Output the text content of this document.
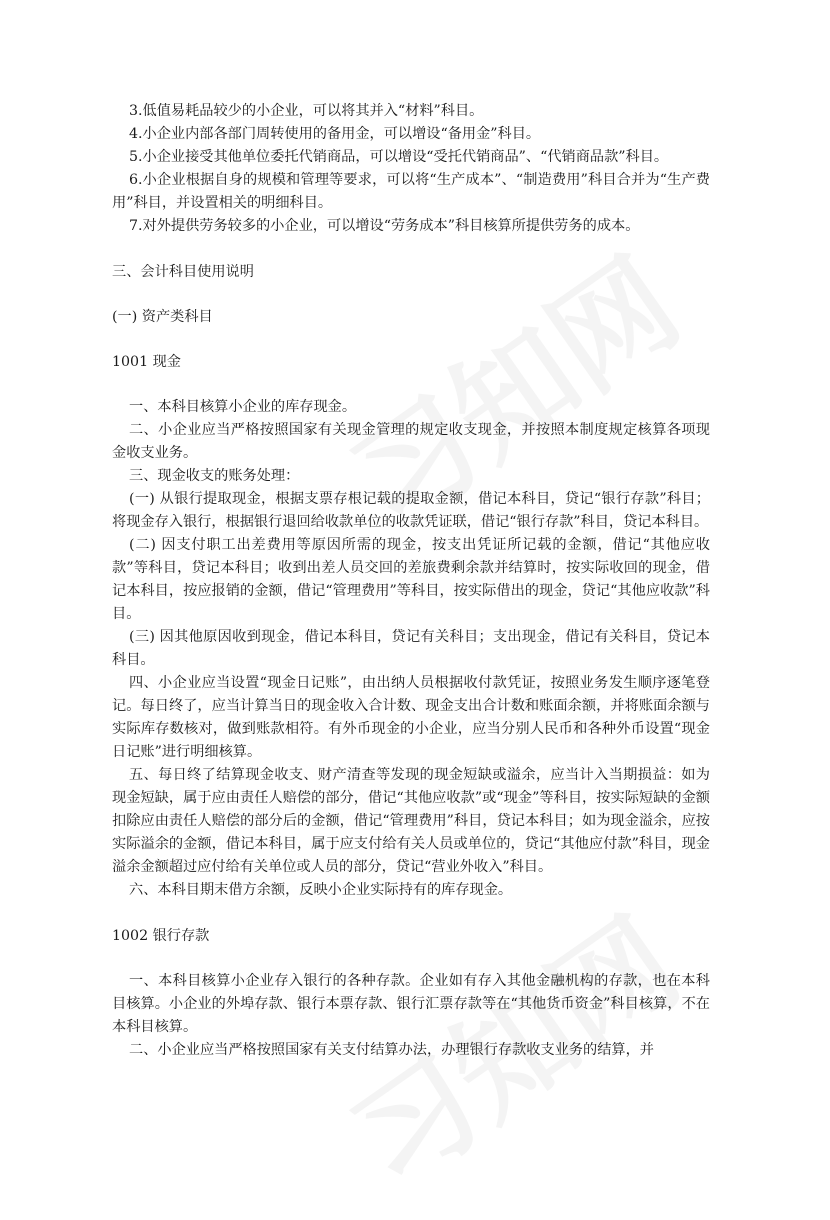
3.低值易耗品较少的小企业，可以将其并入“材料”科目。

4.小企业内部各部门周转使用的备用金，可以增设“备用金”科目。

5.小企业接受其他单位委托代销商品，可以增设“受托代销商品”、“代销商品款”科目。

6.小企业根据自身的规模和管理等要求，可以将“生产成本”、“制造费用”科目合并为“生产费用”科目，并设置相关的明细科目。

7.对外提供劳务较多的小企业，可以增设“劳务成本”科目核算所提供劳务的成本。

三、会计科目使用说明

(一) 资产类科目

1001 现金

一、本科目核算小企业的库存现金。

二、小企业应当严格按照国家有关现金管理的规定收支现金，并按照本制度规定核算各项现金收支业务。

三、现金收支的账务处理：

(一) 从银行提取现金，根据支票存根记载的提取金额，借记本科目，贷记“银行存款”科目；将现金存入银行，根据银行退回给收款单位的收款凭证联，借记“银行存款”科目，贷记本科目。

(二) 因支付职工出差费用等原因所需的现金，按支出凭证所记载的金额，借记“其他应收款”等科目，贷记本科目；收到出差人员交回的差旅费剩余款并结算时，按实际收回的现金，借记本科目，按应报销的金额，借记“管理费用”等科目，按实际借出的现金，贷记“其他应收款”科目。

(三) 因其他原因收到现金，借记本科目，贷记有关科目；支出现金，借记有关科目，贷记本科目。

四、小企业应当设置“现金日记账”，由出纳人员根据收付款凭证，按照业务发生顺序逐笔登记。每日终了，应当计算当日的现金收入合计数、现金支出合计数和账面余额，并将账面余额与实际库存数核对，做到账款相符。有外币现金的小企业，应当分别人民币和各种外币设置“现金日记账”进行明细核算。

五、每日终了结算现金收支、财产清查等发现的现金短缺或溢余，应当计入当期损益：如为现金短缺，属于应由责任人赔偿的部分，借记“其他应收款”或“现金”等科目，按实际短缺的金额扣除应由责任人赔偿的部分后的金额，借记“管理费用”科目，贷记本科目；如为现金溢余，应按实际溢余的金额，借记本科目，属于应支付给有关人员或单位的，贷记“其他应付款”科目，现金溢余金额超过应付给有关单位或人员的部分，贷记“营业外收入”科目。

六、本科目期末借方余额，反映小企业实际持有的库存现金。

1002 银行存款

一、本科目核算小企业存入银行的各种存款。企业如有存入其他金融机构的存款，也在本科目核算。小企业的外埠存款、银行本票存款、银行汇票存款等在“其他货币资金”科目核算，不在本科目核算。

二、小企业应当严格按照国家有关支付结算办法，办理银行存款收支业务的结算，并
